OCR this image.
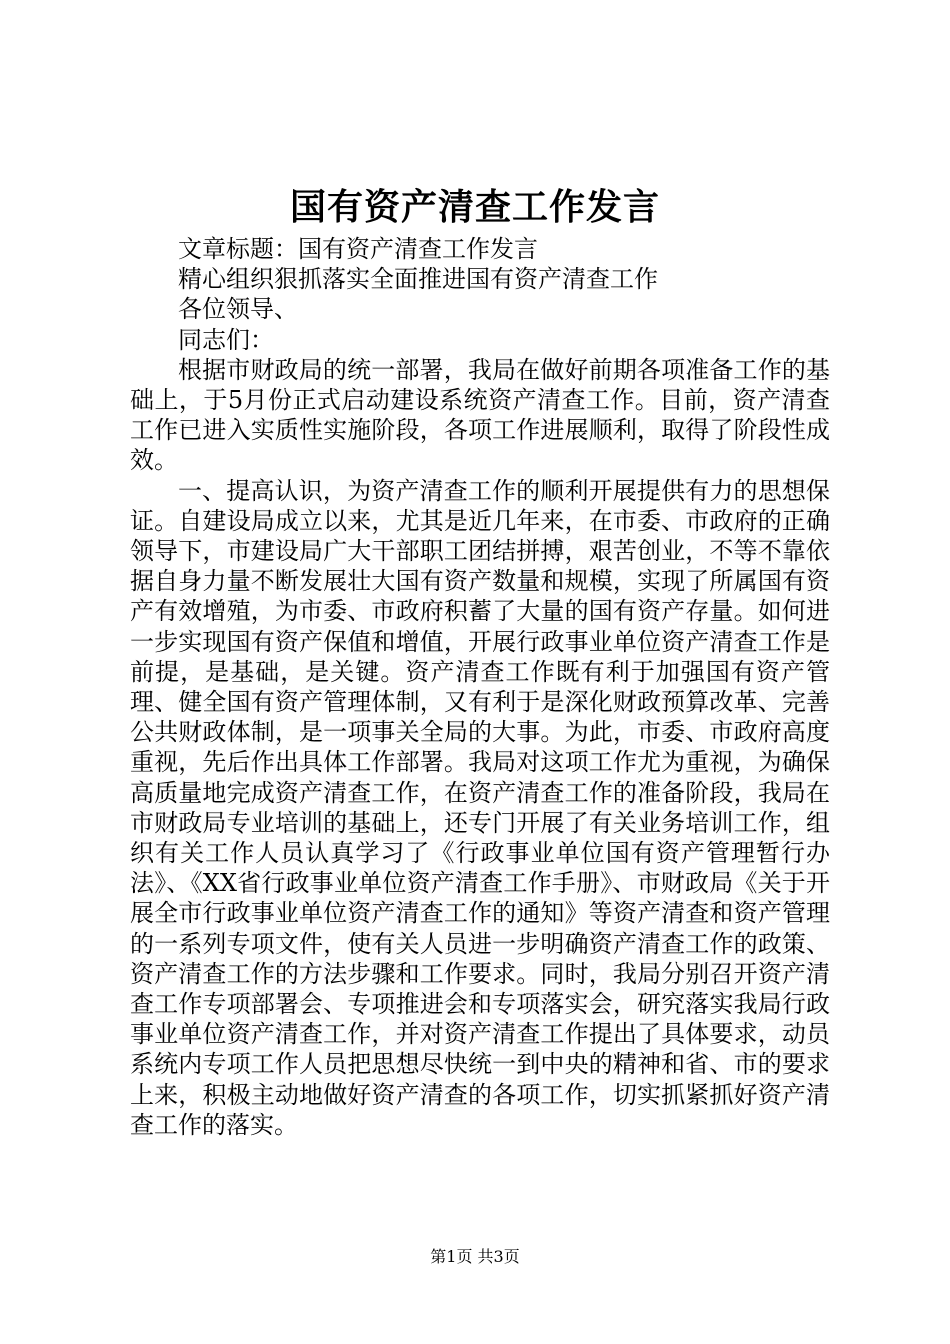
国有资产清查工作发言

文章标题：国有资产清查工作发言

精心组织狠抓落实全面推进国有资产清查工作

各位领导、

同志们：

根据市财政局的统一部署，我局在做好前期各项准备工作的基础上，于5月份正式启动建设系统资产清查工作。目前，资产清查工作已进入实质性实施阶段，各项工作进展顺利，取得了阶段性成效。

一、提高认识，为资产清查工作的顺利开展提供有力的思想保证。自建设局成立以来，尤其是近几年来，在市委、市政府的正确领导下，市建设局广大干部职工团结拼搏，艰苦创业，不等不靠依据自身力量不断发展壮大国有资产数量和规模，实现了所属国有资产有效增殖，为市委、市政府积蓄了大量的国有资产存量。如何进一步实现国有资产保值和增值，开展行政事业单位资产清查工作是前提，是基础，是关键。资产清查工作既有利于加强国有资产管理、健全国有资产管理体制，又有利于是深化财政预算改革、完善公共财政体制，是一项事关全局的大事。为此，市委、市政府高度重视，先后作出具体工作部署。我局对这项工作尤为重视，为确保高质量地完成资产清查工作，在资产清查工作的准备阶段，我局在市财政局专业培训的基础上，还专门开展了有关业务培训工作，组织有关工作人员认真学习了《行政事业单位国有资产管理暂行办法》、《XX省行政事业单位资产清查工作手册》、市财政局《关于开展全市行政事业单位资产清查工作的通知》等资产清查和资产管理的一系列专项文件，使有关人员进一步明确资产清查工作的政策、资产清查工作的方法步骤和工作要求。同时，我局分别召开资产清查工作专项部署会、专项推进会和专项落实会，研究落实我局行政事业单位资产清查工作，并对资产清查工作提出了具体要求，动员系统内专项工作人员把思想尽快统一到中央的精神和省、市的要求上来，积极主动地做好资产清查的各项工作，切实抓紧抓好资产清查工作的落实。

第1页 共3页
